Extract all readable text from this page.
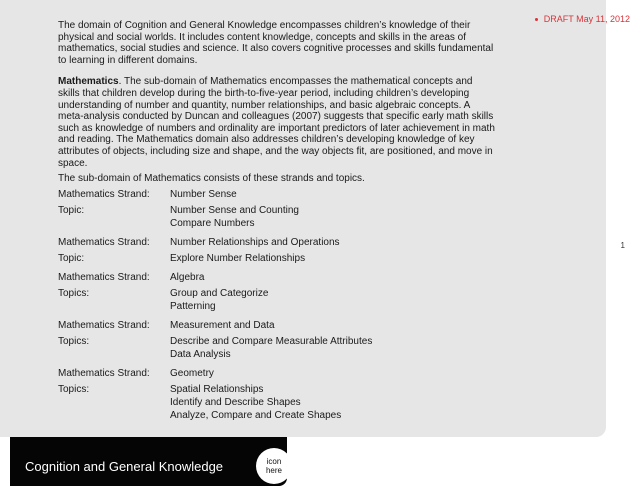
DRAFT May 11, 2012
1

The domain of Cognition and General Knowledge encompasses children’s knowledge of their physical and social worlds. It includes content knowledge, concepts and skills in the areas of mathematics, social studies and science. It also covers cognitive processes and skills fundamental to learning in different domains.

Mathematics. The sub-domain of Mathematics encompasses the mathematical concepts and skills that children develop during the birth-to-five-year period, including children’s developing understanding of number and quantity, number relationships, and basic algebraic concepts. A meta-analysis conducted by Duncan and colleagues (2007) suggests that specific early math skills such as knowledge of numbers and ordinality are important predictors of later achievement in math and reading. The Mathematics domain also addresses children’s developing knowledge of key attributes of objects, including size and shape, and the way objects fit, are positioned, and move in space.

The sub-domain of Mathematics consists of these strands and topics.

Mathematics Strand:	Number Sense
Topic:	Number Sense and Counting
Compare Numbers
Mathematics Strand:	Number Relationships and Operations
Topic:	Explore Number Relationships
Mathematics Strand:	Algebra
Topics:	Group and Categorize
Patterning
Mathematics Strand:	Measurement and Data
Topics:	Describe and Compare Measurable Attributes
Data Analysis
Mathematics Strand:	Geometry
Topics:	Spatial Relationships
Identify and Describe Shapes
Analyze, Compare and Create Shapes
Cognition and General Knowledge	icon
here
